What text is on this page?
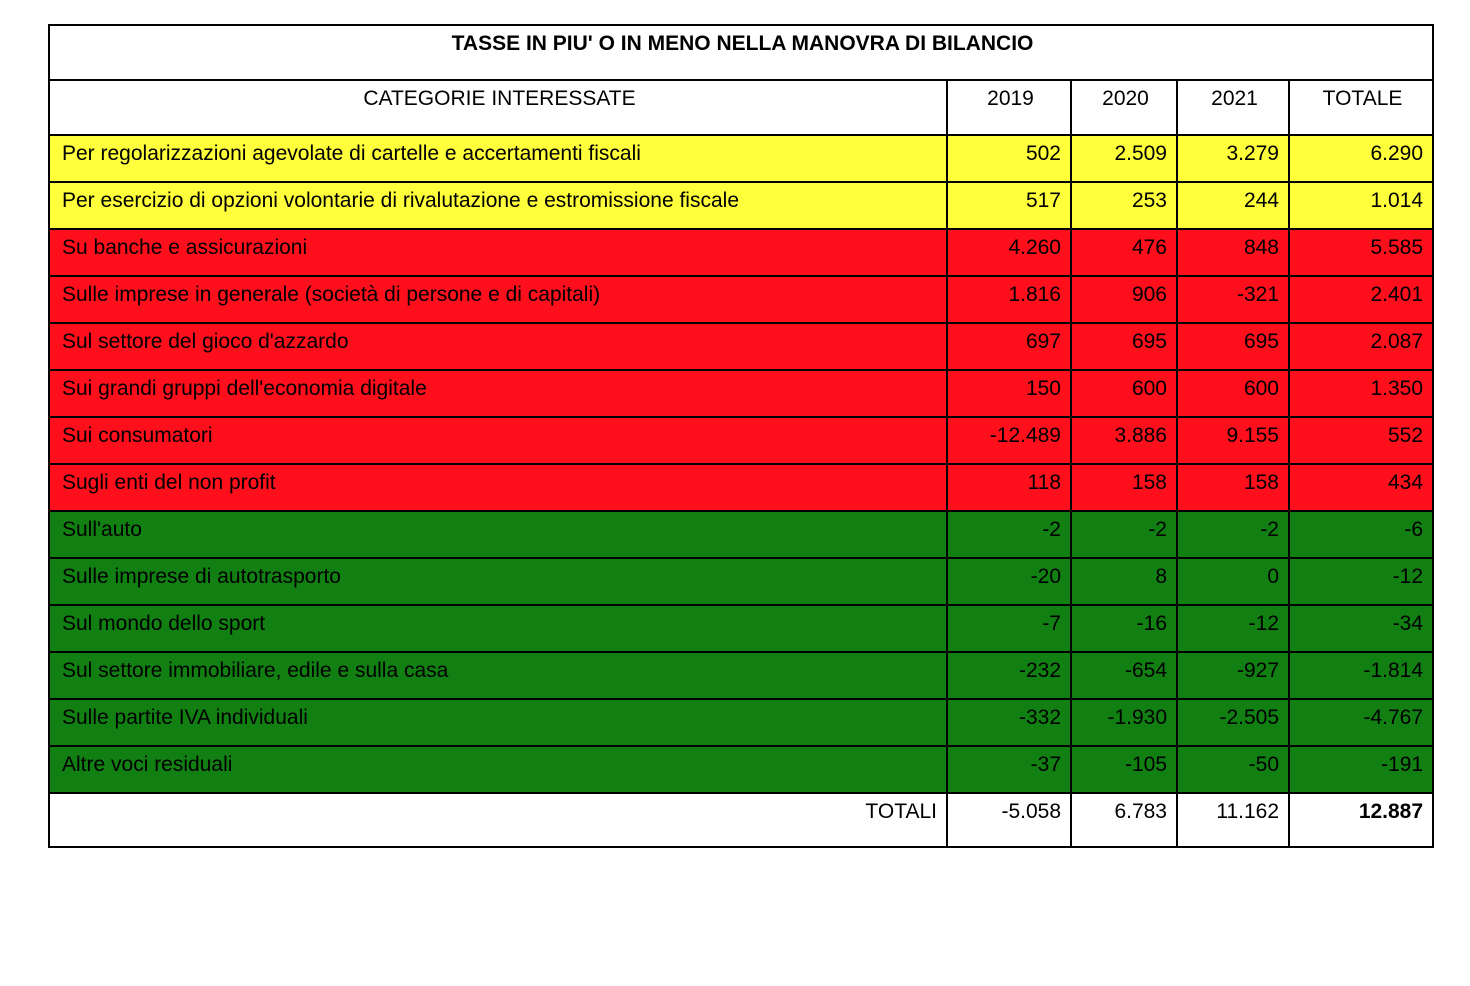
TASSE IN PIU' O IN MENO NELLA MANOVRA DI BILANCIO				
CATEGORIE INTERESSATE	2019	2020	2021	TOTALE
Per regolarizzazioni agevolate di cartelle e accertamenti fiscali	502	2.509	3.279	6.290
Per esercizio di opzioni volontarie di rivalutazione e estromissione fiscale	517	253	244	1.014
Su banche e assicurazioni	4.260	476	848	5.585
Sulle imprese in generale (società di persone e di capitali)	1.816	906	-321	2.401
Sul settore del gioco d'azzardo	697	695	695	2.087
Sui grandi gruppi dell'economia digitale	150	600	600	1.350
Sui consumatori	-12.489	3.886	9.155	552
Sugli enti del non profit	118	158	158	434
Sull'auto	-2	-2	-2	-6
Sulle imprese di autotrasporto	-20	8	0	-12
Sul mondo dello sport	-7	-16	-12	-34
Sul settore immobiliare, edile e sulla casa	-232	-654	-927	-1.814
Sulle partite IVA individuali	-332	-1.930	-2.505	-4.767
Altre voci residuali	-37	-105	-50	-191
TOTALI	-5.058	6.783	11.162	12.887
